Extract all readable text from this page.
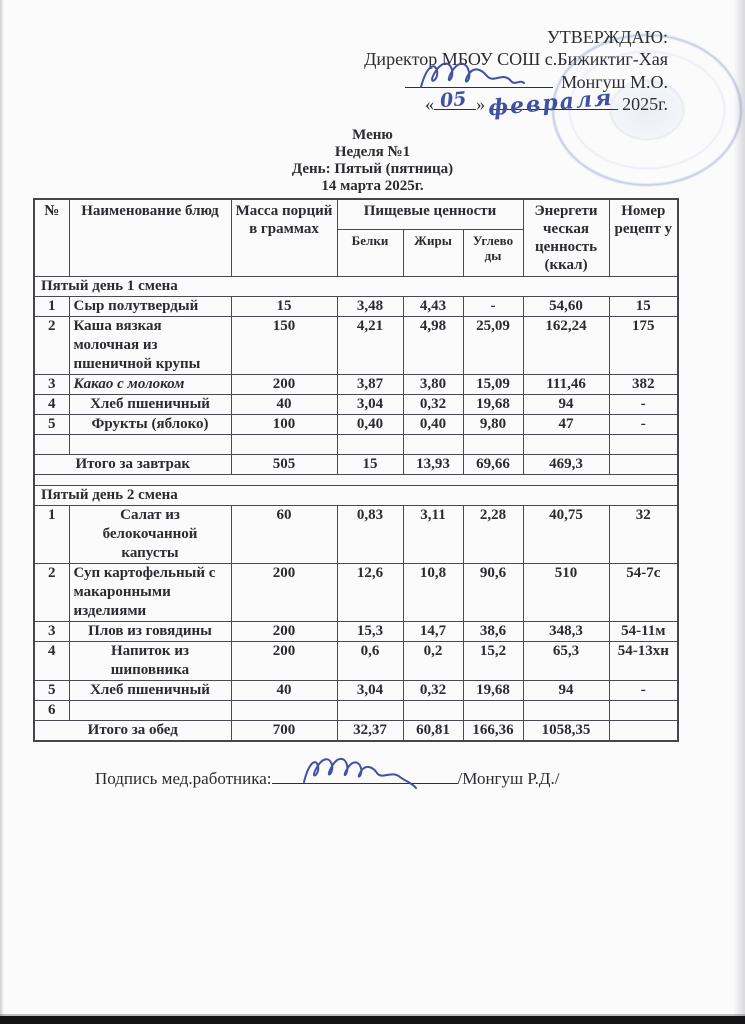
УТВЕРЖДАЮ:
Директор МБОУ СОШ с.Бижиктиг-Хая
Монгуш М.О.
« 05 » февраля 2025г.
Меню
Неделя №1
День: Пятый (пятница)
14 марта 2025г.
№	Наименование блюд	Масса порций в граммах	Пищевые ценности			Энергети ческая ценность (ккал)	Номер рецепт у
			Белки	Жиры	Углево ды		
Пятый день 1 смена							
1	Сыр полутвердый	15	3,48	4,43	-	54,60	15
2	Каша вязкая молочная из пшеничной крупы	150	4,21	4,98	25,09	162,24	175
3	Какао с молоком	200	3,87	3,80	15,09	111,46	382
4	Хлеб пшеничный	40	3,04	0,32	19,68	94	-
5	Фрукты (яблоко)	100	0,40	0,40	9,80	47	-

Итого за завтрак		505	15	13,93	69,66	469,3	

Пятый день 2 смена							
1	Салат из белокочанной капусты	60	0,83	3,11	2,28	40,75	32
2	Суп картофельный с макаронными изделиями	200	12,6	10,8	90,6	510	54-7с
3	Плов из говядины	200	15,3	14,7	38,6	348,3	54-11м
4	Напиток из шиповника	200	0,6	0,2	15,2	65,3	54-13хн
5	Хлеб пшеничный	40	3,04	0,32	19,68	94	-
6							
Итого за обед		700	32,37	60,81	166,36	1058,35	
Подпись мед.работника:	/Монгуш Р.Д./
